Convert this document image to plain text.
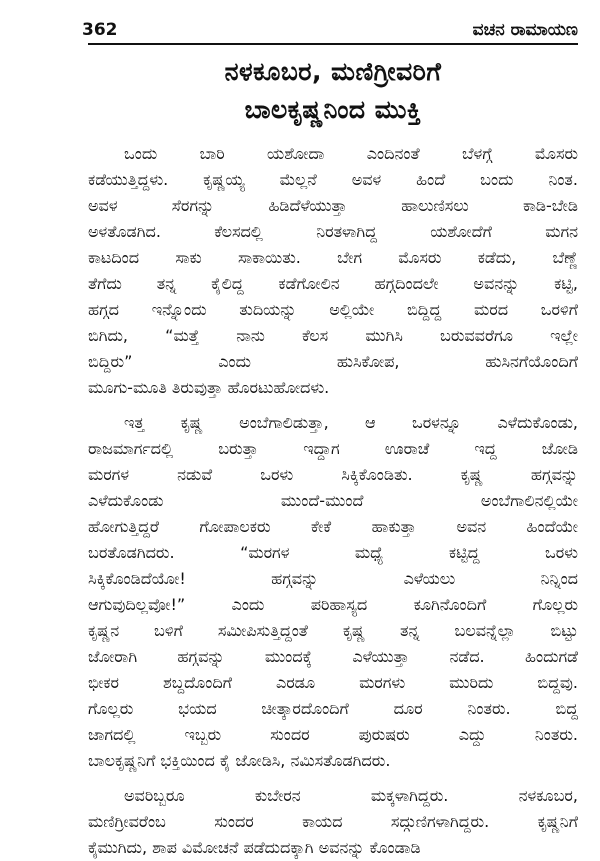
362	ವಚನ ರಾಮಾಯಣ
ನಳಕೂಬರ, ಮಣಿಗ್ರೀವರಿಗೆ
ಬಾಲಕೃಷ್ಣನಿಂದ ಮುಕ್ತಿ
ಒಂದು ಬಾರಿ ಯಶೋದಾ ಎಂದಿನಂತೆ ಬೆಳಗ್ಗೆ ಮೊಸರು
ಕಡೆಯುತ್ತಿದ್ದಳು. ಕೃಷ್ಣಯ್ಯ ಮೆಲ್ಲನೆ ಅವಳ ಹಿಂದೆ ಬಂದು ನಿಂತ.
ಅವಳ ಸೆರಗನ್ನು ಹಿಡಿದೆಳೆಯುತ್ತಾ ಹಾಲುಣಿಸಲು ಕಾಡಿ-ಬೇಡಿ
ಅಳತೊಡಗಿದ. ಕೆಲಸದಲ್ಲಿ ನಿರತಳಾಗಿದ್ದ ಯಶೋದೆಗೆ ಮಗನ
ಕಾಟದಿಂದ ಸಾಕು ಸಾಕಾಯಿತು. ಬೇಗ ಮೊಸರು ಕಡೆದು, ಬೆಣ್ಣೆ
ತೆಗೆದು ತನ್ನ ಕೈಲಿದ್ದ ಕಡೆಗೋಲಿನ ಹಗ್ಗದಿಂದಲೇ ಅವನನ್ನು ಕಟ್ಟಿ,
ಹಗ್ಗದ ಇನ್ನೊಂದು ತುದಿಯನ್ನು ಅಲ್ಲಿಯೇ ಬಿದ್ದಿದ್ದ ಮರದ ಒರಳಿಗೆ
ಬಿಗಿದು, “ಮತ್ತೆ ನಾನು ಕೆಲಸ ಮುಗಿಸಿ ಬರುವವರೆಗೂ ಇಲ್ಲೇ
ಬಿದ್ದಿರು” ಎಂದು ಹುಸಿಕೋಪ, ಹುಸಿನಗೆಯೊಂದಿಗೆ
ಮೂಗು-ಮೂತಿ ತಿರುವುತ್ತಾ ಹೊರಟುಹೋದಳು.
ಇತ್ತ ಕೃಷ್ಣ ಅಂಬೆಗಾಲಿಡುತ್ತಾ, ಆ ಒರಳನ್ನೂ ಎಳೆದುಕೊಂಡು,
ರಾಜಮಾರ್ಗದಲ್ಲಿ ಬರುತ್ತಾ ಇದ್ದಾಗ ಊರಾಚೆ ಇದ್ದ ಜೋಡಿ
ಮರಗಳ ನಡುವೆ ಒರಳು ಸಿಕ್ಕಿಕೊಂಡಿತು. ಕೃಷ್ಣ ಹಗ್ಗವನ್ನು
ಎಳೆದುಕೊಂಡು ಮುಂದೆ-ಮುಂದೆ ಅಂಬೆಗಾಲಿನಲ್ಲಿಯೇ
ಹೋಗುತ್ತಿದ್ದರೆ ಗೋಪಾಲಕರು ಕೇಕೆ ಹಾಕುತ್ತಾ ಅವನ ಹಿಂದೆಯೇ
ಬರತೊಡಗಿದರು. “ಮರಗಳ ಮಧ್ಯೆ ಕಟ್ಟಿದ್ದ ಒರಳು
ಸಿಕ್ಕಿಕೊಂಡಿದೆಯೋ! ಹಗ್ಗವನ್ನು ಎಳೆಯಲು ನಿನ್ನಿಂದ
ಆಗುವುದಿಲ್ಲವೋ!” ಎಂದು ಪರಿಹಾಸ್ಯದ ಕೂಗಿನೊಂದಿಗೆ ಗೊಲ್ಲರು
ಕೃಷ್ಣನ ಬಳಿಗೆ ಸಮೀಪಿಸುತ್ತಿದ್ದಂತೆ ಕೃಷ್ಣ ತನ್ನ ಬಲವನ್ನೆಲ್ಲಾ ಬಿಟ್ಟು
ಜೋರಾಗಿ ಹಗ್ಗವನ್ನು ಮುಂದಕ್ಕೆ ಎಳೆಯುತ್ತಾ ನಡೆದ. ಹಿಂದುಗಡೆ
ಭೀಕರ ಶಬ್ದದೊಂದಿಗೆ ಎರಡೂ ಮರಗಳು ಮುರಿದು ಬಿದ್ದವು.
ಗೊಲ್ಲರು ಭಯದ ಚೀತ್ಕಾರದೊಂದಿಗೆ ದೂರ ನಿಂತರು. ಬಿದ್ದ
ಜಾಗದಲ್ಲಿ ಇಬ್ಬರು ಸುಂದರ ಪುರುಷರು ಎದ್ದು ನಿಂತರು.
ಬಾಲಕೃಷ್ಣನಿಗೆ ಭಕ್ತಿಯಿಂದ ಕೈ ಜೋಡಿಸಿ, ನಮಿಸತೊಡಗಿದರು.
ಅವರಿಬ್ಬರೂ ಕುಬೇರನ ಮಕ್ಕಳಾಗಿದ್ದರು. ನಳಕೂಬರ,
ಮಣಿಗ್ರೀವರೆಂಬ ಸುಂದರ ಕಾಯದ ಸದ್ಗುಣಿಗಳಾಗಿದ್ದರು. ಕೃಷ್ಣನಿಗೆ
ಕೈಮುಗಿದು, ಶಾಪ ವಿಮೋಚನೆ ಪಡೆದುದಕ್ಕಾಗಿ ಅವನನ್ನು ಕೊಂಡಾಡಿ
